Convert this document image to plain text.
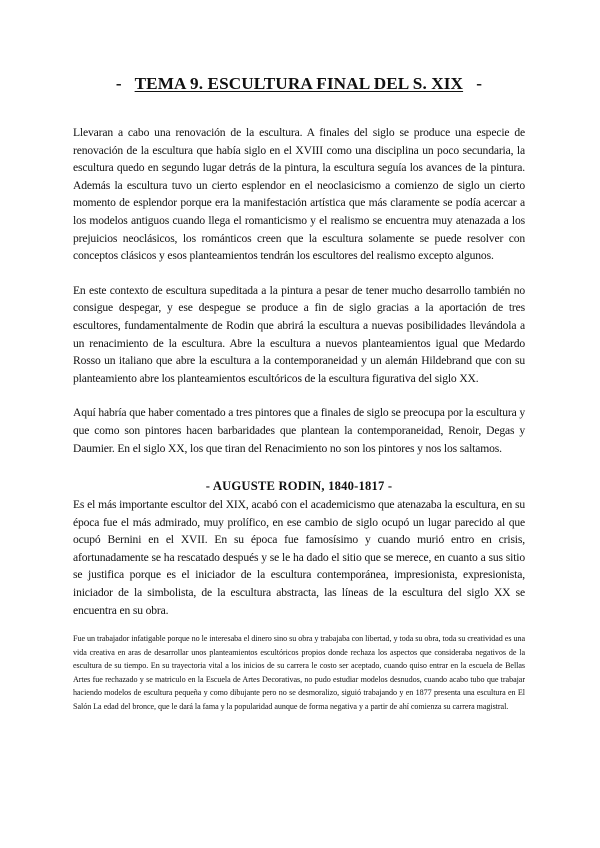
- TEMA 9. ESCULTURA FINAL DEL S. XIX -

Llevaran a cabo una renovación de la escultura. A finales del siglo se produce una especie de renovación de la escultura que había siglo en el XVIII como una disciplina un poco secundaria, la escultura quedo en segundo lugar detrás de la pintura, la escultura seguía los avances de la pintura. Además la escultura tuvo un cierto esplendor en el neoclasicismo a comienzo de siglo un cierto momento de esplendor porque era la manifestación artística que más claramente se podía acercar a los modelos antiguos cuando llega el romanticismo y el realismo se encuentra muy atenazada a los prejuicios neoclásicos, los románticos creen que la escultura solamente se puede resolver con conceptos clásicos y esos planteamientos tendrán los escultores del realismo excepto algunos.

En este contexto de escultura supeditada a la pintura a pesar de tener mucho desarrollo también no consigue despegar, y ese despegue se produce a fin de siglo gracias a la aportación de tres escultores, fundamentalmente de Rodin que abrirá la escultura a nuevas posibilidades llevándola a un renacimiento de la escultura. Abre la escultura a nuevos planteamientos igual que Medardo Rosso un italiano que abre la escultura a la contemporaneidad y un alemán Hildebrand que con su planteamiento abre los planteamientos escultóricos de la escultura figurativa del siglo XX.

Aquí habría que haber comentado a tres pintores que a finales de siglo se preocupa por la escultura y que como son pintores hacen barbaridades que plantean la contemporaneidad, Renoir, Degas y Daumier. En el siglo XX, los que tiran del Renacimiento no son los pintores y nos los saltamos.

- AUGUSTE RODIN, 1840-1817 -

Es el más importante escultor del XIX, acabó con el academicismo que atenazaba la escultura, en su época fue el más admirado, muy prolífico, en ese cambio de siglo ocupó un lugar parecido al que ocupó Bernini en el XVII. En su época fue famosísimo y cuando murió entro en crisis, afortunadamente se ha rescatado después y se le ha dado el sitio que se merece, en cuanto a sus sitio se justifica porque es el iniciador de la escultura contemporánea, impresionista, expresionista, iniciador de la simbolista, de la escultura abstracta, las líneas de la escultura del siglo XX se encuentra en su obra.

Fue un trabajador infatigable porque no le interesaba el dinero sino su obra y trabajaba con libertad, y toda su obra, toda su creatividad es una vida creativa en aras de desarrollar unos planteamientos escultóricos propios donde rechaza los aspectos que consideraba negativos de la escultura de su tiempo. En su trayectoria vital a los inicios de su carrera le costo ser aceptado, cuando quiso entrar en la escuela de Bellas Artes fue rechazado y se matriculo en la Escuela de Artes Decorativas, no pudo estudiar modelos desnudos, cuando acabo tubo que trabajar haciendo modelos de escultura pequeña y como dibujante pero no se desmoralizo, siguió trabajando y en 1877 presenta una escultura en El Salón La edad del bronce, que le dará la fama y la popularidad aunque de forma negativa y a partir de ahí comienza su carrera magistral.
